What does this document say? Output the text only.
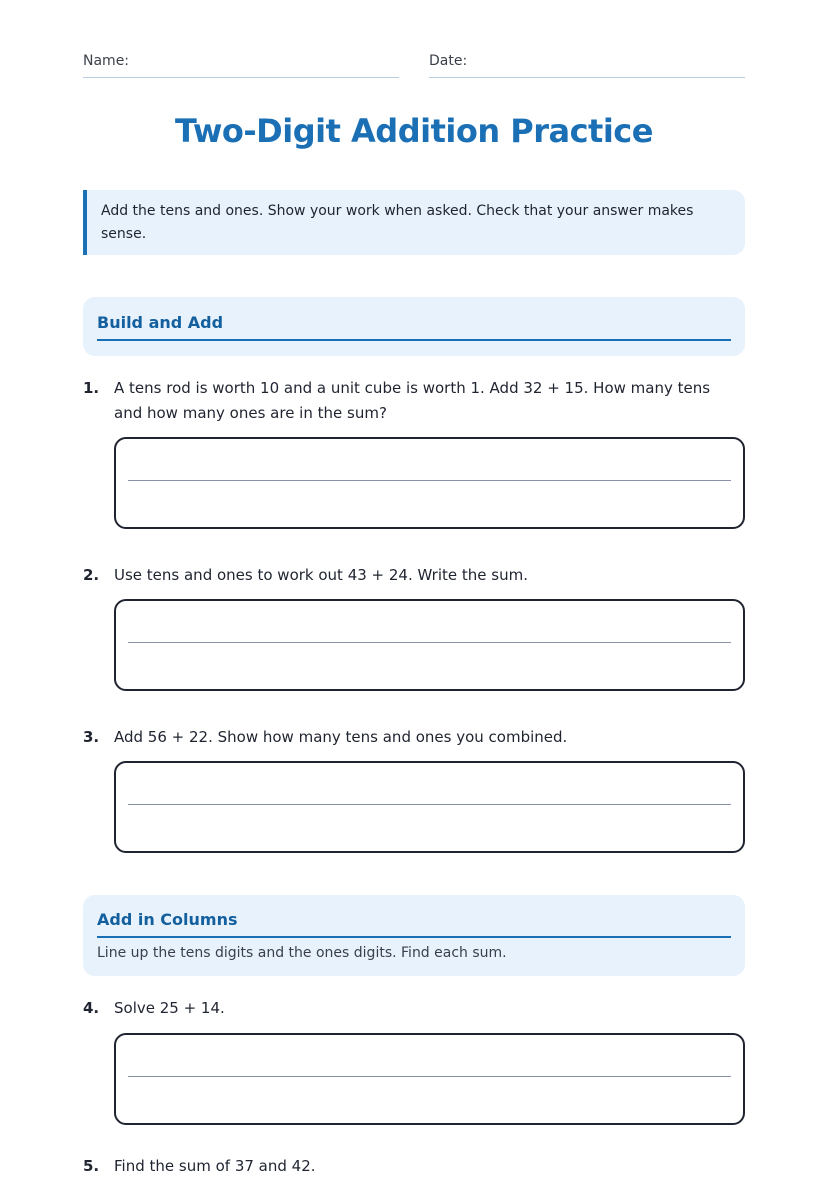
Name:	Date:
Two-Digit Addition Practice
Add the tens and ones. Show your work when asked. Check that your answer makes sense.
Build and Add
1. A tens rod is worth 10 and a unit cube is worth 1. Add 32 + 15. How many tens and how many ones are in the sum?
2. Use tens and ones to work out 43 + 24. Write the sum.
3. Add 56 + 22. Show how many tens and ones you combined.
Add in Columns
Line up the tens digits and the ones digits. Find each sum.
4. Solve 25 + 14.
5. Find the sum of 37 and 42.
